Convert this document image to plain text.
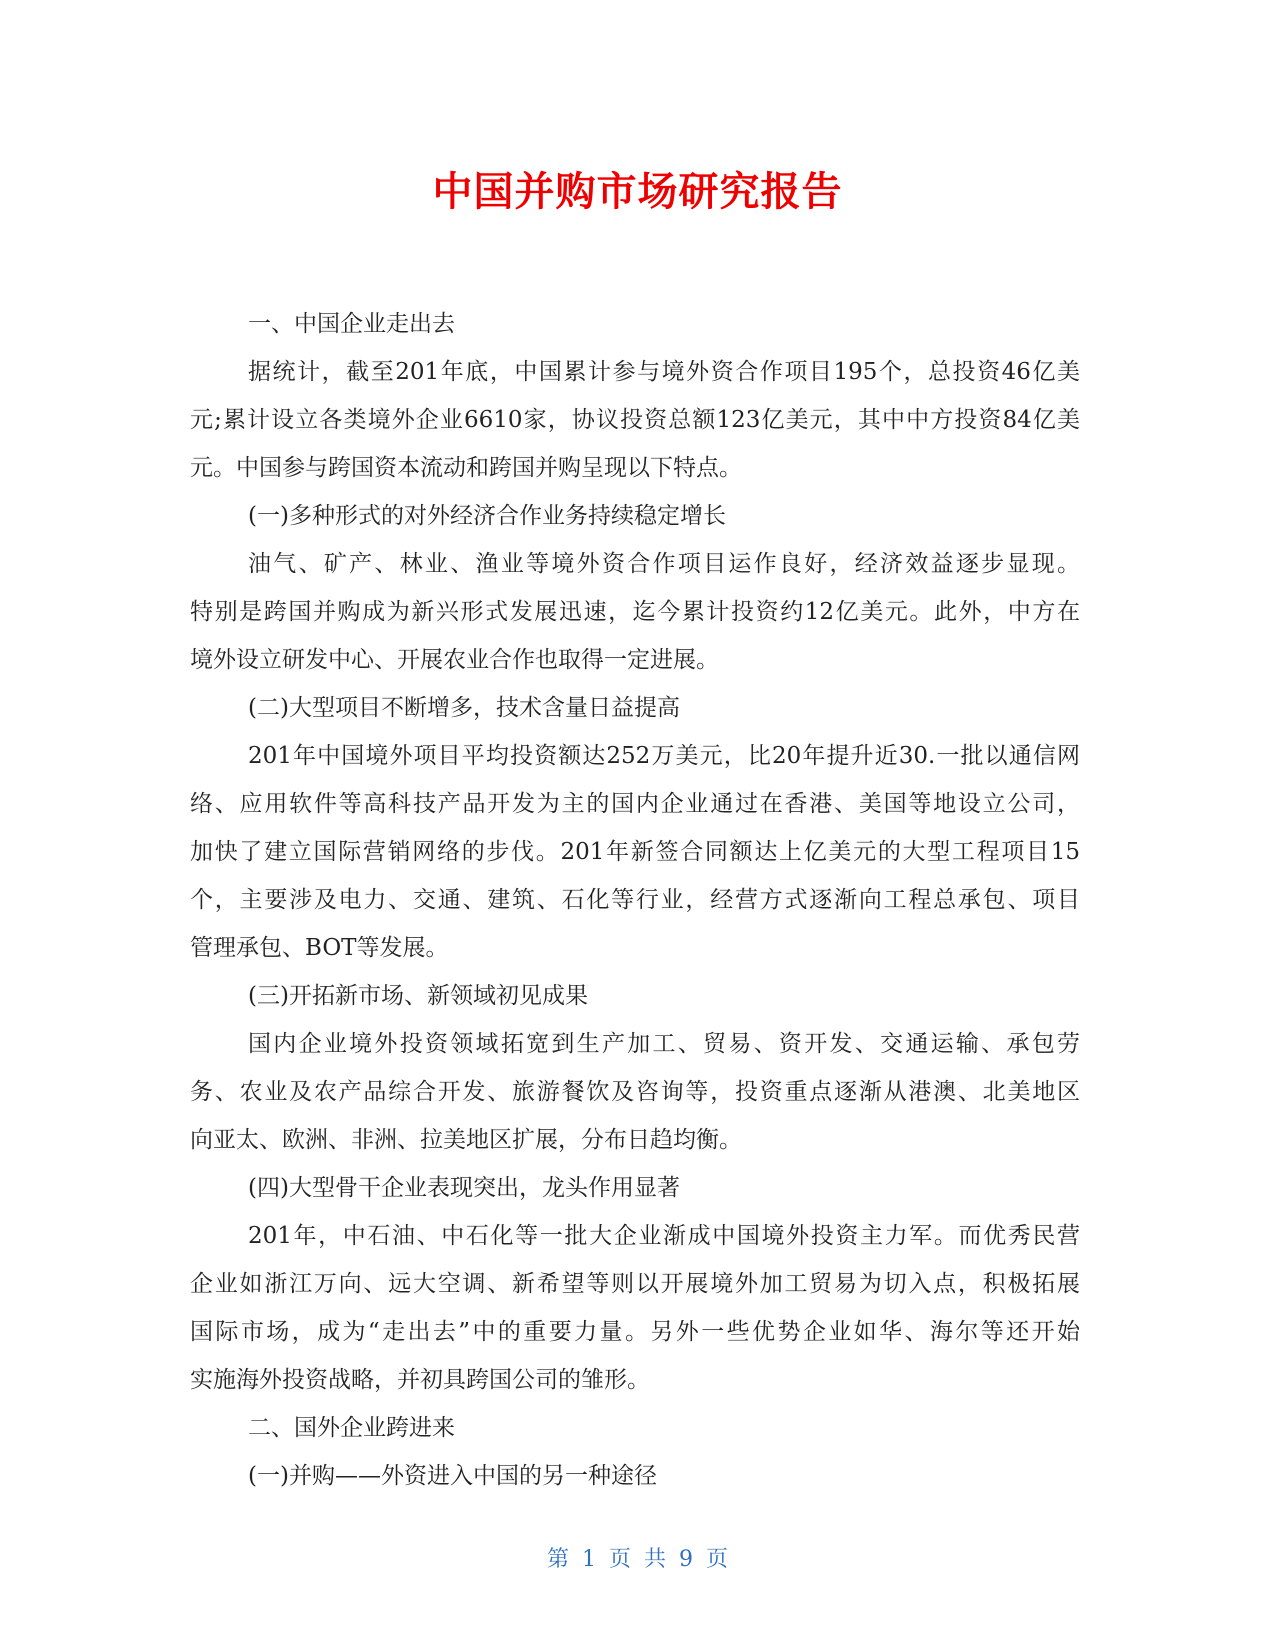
中国并购市场研究报告
一、中国企业走出去
据统计，截至201年底，中国累计参与境外资合作项目195个，总投资46亿美
元;累计设立各类境外企业6610家，协议投资总额123亿美元，其中中方投资84亿美
元。中国参与跨国资本流动和跨国并购呈现以下特点。
(一)多种形式的对外经济合作业务持续稳定增长
油气、矿产、林业、渔业等境外资合作项目运作良好，经济效益逐步显现。
特别是跨国并购成为新兴形式发展迅速，迄今累计投资约12亿美元。此外，中方在
境外设立研发中心、开展农业合作也取得一定进展。
(二)大型项目不断增多，技术含量日益提高
201年中国境外项目平均投资额达252万美元，比20年提升近30.一批以通信网
络、应用软件等高科技产品开发为主的国内企业通过在香港、美国等地设立公司，
加快了建立国际营销网络的步伐。201年新签合同额达上亿美元的大型工程项目15
个，主要涉及电力、交通、建筑、石化等行业，经营方式逐渐向工程总承包、项目
管理承包、BOT等发展。
(三)开拓新市场、新领域初见成果
国内企业境外投资领域拓宽到生产加工、贸易、资开发、交通运输、承包劳
务、农业及农产品综合开发、旅游餐饮及咨询等，投资重点逐渐从港澳、北美地区
向亚太、欧洲、非洲、拉美地区扩展，分布日趋均衡。
(四)大型骨干企业表现突出，龙头作用显著
201年，中石油、中石化等一批大企业渐成中国境外投资主力军。而优秀民营
企业如浙江万向、远大空调、新希望等则以开展境外加工贸易为切入点，积极拓展
国际市场，成为“走出去”中的重要力量。另外一些优势企业如华、海尔等还开始
实施海外投资战略，并初具跨国公司的雏形。
二、国外企业跨进来
(一)并购——外资进入中国的另一种途径
第 1 页 共 9 页
